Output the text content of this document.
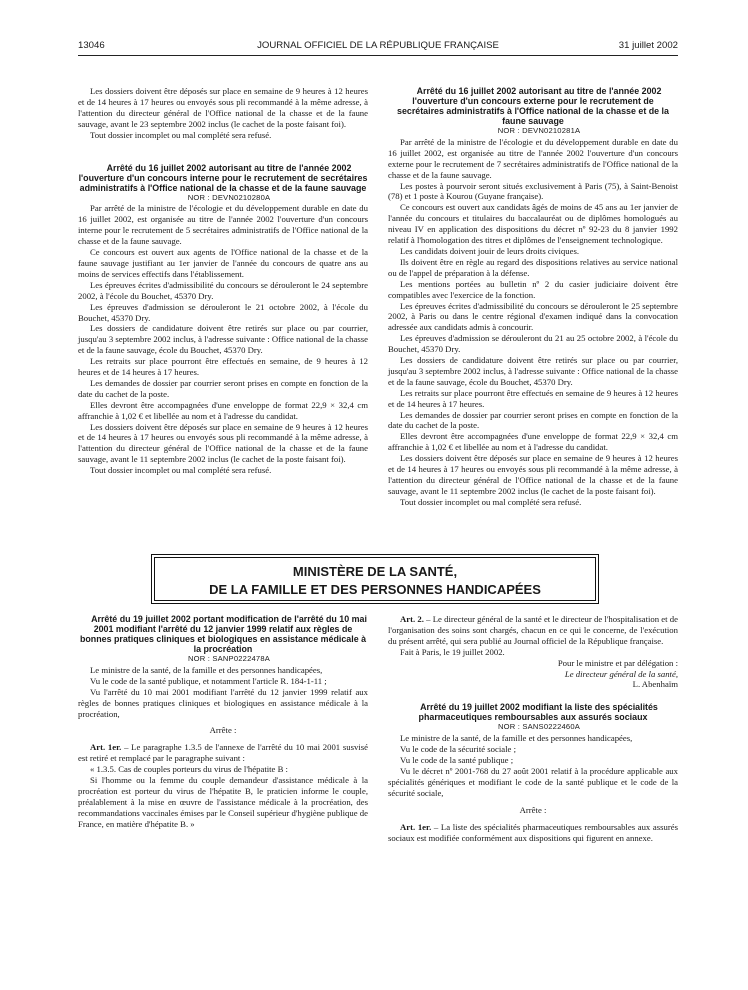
13046	JOURNAL OFFICIEL DE LA RÉPUBLIQUE FRANÇAISE	31 juillet 2002

Les dossiers doivent être déposés sur place en semaine de 9 heures à 12 heures et de 14 heures à 17 heures ou envoyés sous pli recommandé à la même adresse, à l'attention du directeur général de l'Office national de la chasse et de la faune sauvage, avant le 23 septembre 2002 inclus (le cachet de la poste faisant foi).

Tout dossier incomplet ou mal complété sera refusé.

Arrêté du 16 juillet 2002 autorisant au titre de l'année 2002 l'ouverture d'un concours interne pour le recrutement de secrétaires administratifs à l'Office national de la chasse et de la faune sauvage

NOR : DEVN0210280A

Par arrêté de la ministre de l'écologie et du développement durable en date du 16 juillet 2002, est organisée au titre de l'année 2002 l'ouverture d'un concours interne pour le recrutement de 5 secrétaires administratifs de l'Office national de la chasse et de la faune sauvage.

Ce concours est ouvert aux agents de l'Office national de la chasse et de la faune sauvage justifiant au 1er janvier de l'année du concours de quatre ans au moins de services effectifs dans l'établissement.

Les épreuves écrites d'admissibilité du concours se dérouleront le 24 septembre 2002, à l'école du Bouchet, 45370 Dry.

Les épreuves d'admission se dérouleront le 21 octobre 2002, à l'école du Bouchet, 45370 Dry.

Les dossiers de candidature doivent être retirés sur place ou par courrier, jusqu'au 3 septembre 2002 inclus, à l'adresse suivante : Office national de la chasse et de la faune sauvage, école du Bouchet, 45370 Dry.

Les retraits sur place pourront être effectués en semaine, de 9 heures à 12 heures et de 14 heures à 17 heures.

Les demandes de dossier par courrier seront prises en compte en fonction de la date du cachet de la poste.

Elles devront être accompagnées d'une enveloppe de format 22,9 × 32,4 cm affranchie à 1,02 € et libellée au nom et à l'adresse du candidat.

Les dossiers doivent être déposés sur place en semaine de 9 heures à 12 heures et de 14 heures à 17 heures ou envoyés sous pli recommandé à la même adresse, à l'attention du directeur général de l'Office national de la chasse et de la faune sauvage, avant le 11 septembre 2002 inclus (le cachet de la poste faisant foi).

Tout dossier incomplet ou mal complété sera refusé.

Arrêté du 16 juillet 2002 autorisant au titre de l'année 2002 l'ouverture d'un concours externe pour le recrutement de secrétaires administratifs à l'Office national de la chasse et de la faune sauvage

NOR : DEVN0210281A

Par arrêté de la ministre de l'écologie et du développement durable en date du 16 juillet 2002, est organisée au titre de l'année 2002 l'ouverture d'un concours externe pour le recrutement de 7 secrétaires administratifs de l'Office national de la chasse et de la faune sauvage.

Les postes à pourvoir seront situés exclusivement à Paris (75), à Saint-Benoist (78) et 1 poste à Kourou (Guyane française).

Ce concours est ouvert aux candidats âgés de moins de 45 ans au 1er janvier de l'année du concours et titulaires du baccalauréat ou de diplômes homologués au niveau IV en application des dispositions du décret nº 92-23 du 8 janvier 1992 relatif à l'homologation des titres et diplômes de l'enseignement technologique.

Les candidats doivent jouir de leurs droits civiques.

Ils doivent être en règle au regard des dispositions relatives au service national ou de l'appel de préparation à la défense.

Les mentions portées au bulletin nº 2 du casier judiciaire doivent être compatibles avec l'exercice de la fonction.

Les épreuves écrites d'admissibilité du concours se dérouleront le 25 septembre 2002, à Paris ou dans le centre régional d'examen indiqué dans la convocation adressée aux candidats admis à concourir.

Les épreuves d'admission se dérouleront du 21 au 25 octobre 2002, à l'école du Bouchet, 45370 Dry.

Les dossiers de candidature doivent être retirés sur place ou par courrier, jusqu'au 3 septembre 2002 inclus, à l'adresse suivante : Office national de la chasse et de la faune sauvage, école du Bouchet, 45370 Dry.

Les retraits sur place pourront être effectués en semaine de 9 heures à 12 heures et de 14 heures à 17 heures.

Les demandes de dossier par courrier seront prises en compte en fonction de la date du cachet de la poste.

Elles devront être accompagnées d'une enveloppe de format 22,9 × 32,4 cm affranchie à 1,02 € et libellée au nom et à l'adresse du candidat.

Les dossiers doivent être déposés sur place en semaine de 9 heures à 12 heures et de 14 heures à 17 heures ou envoyés sous pli recommandé à la même adresse, à l'attention du directeur général de l'Office national de la chasse et de la faune sauvage, avant le 11 septembre 2002 inclus (le cachet de la poste faisant foi).

Tout dossier incomplet ou mal complété sera refusé.

MINISTÈRE DE LA SANTÉ,
DE LA FAMILLE ET DES PERSONNES HANDICAPÉES

Arrêté du 19 juillet 2002 portant modification de l'arrêté du 10 mai 2001 modifiant l'arrêté du 12 janvier 1999 relatif aux règles de bonnes pratiques cliniques et biologiques en assistance médicale à la procréation

NOR : SANP0222478A

Le ministre de la santé, de la famille et des personnes handicapées,

Vu le code de la santé publique, et notamment l'article R. 184-1-11 ;

Vu l'arrêté du 10 mai 2001 modifiant l'arrêté du 12 janvier 1999 relatif aux règles de bonnes pratiques cliniques et biologiques en assistance médicale à la procréation,

Arrête :

Art. 1er. – Le paragraphe 1.3.5 de l'annexe de l'arrêté du 10 mai 2001 susvisé est retiré et remplacé par le paragraphe suivant :

« 1.3.5. Cas de couples porteurs du virus de l'hépatite B :

Si l'homme ou la femme du couple demandeur d'assistance médicale à la procréation est porteur du virus de l'hépatite B, le praticien informe le couple, préalablement à la mise en œuvre de l'assistance médicale à la procréation, des recommandations vaccinales émises par le Conseil supérieur d'hygiène publique de France, en matière d'hépatite B. »

Art. 2. – Le directeur général de la santé et le directeur de l'hospitalisation et de l'organisation des soins sont chargés, chacun en ce qui le concerne, de l'exécution du présent arrêté, qui sera publié au Journal officiel de la République française.

Fait à Paris, le 19 juillet 2002.

Pour le ministre et par délégation :

Le directeur général de la santé,

L. Abenhaïm

Arrêté du 19 juillet 2002 modifiant la liste des spécialités pharmaceutiques remboursables aux assurés sociaux

NOR : SANS0222460A

Le ministre de la santé, de la famille et des personnes handicapées,

Vu le code de la sécurité sociale ;

Vu le code de la santé publique ;

Vu le décret nº 2001-768 du 27 août 2001 relatif à la procédure applicable aux spécialités génériques et modifiant le code de la santé publique et le code de la sécurité sociale,

Arrête :

Art. 1er. – La liste des spécialités pharmaceutiques remboursables aux assurés sociaux est modifiée conformément aux dispositions qui figurent en annexe.
